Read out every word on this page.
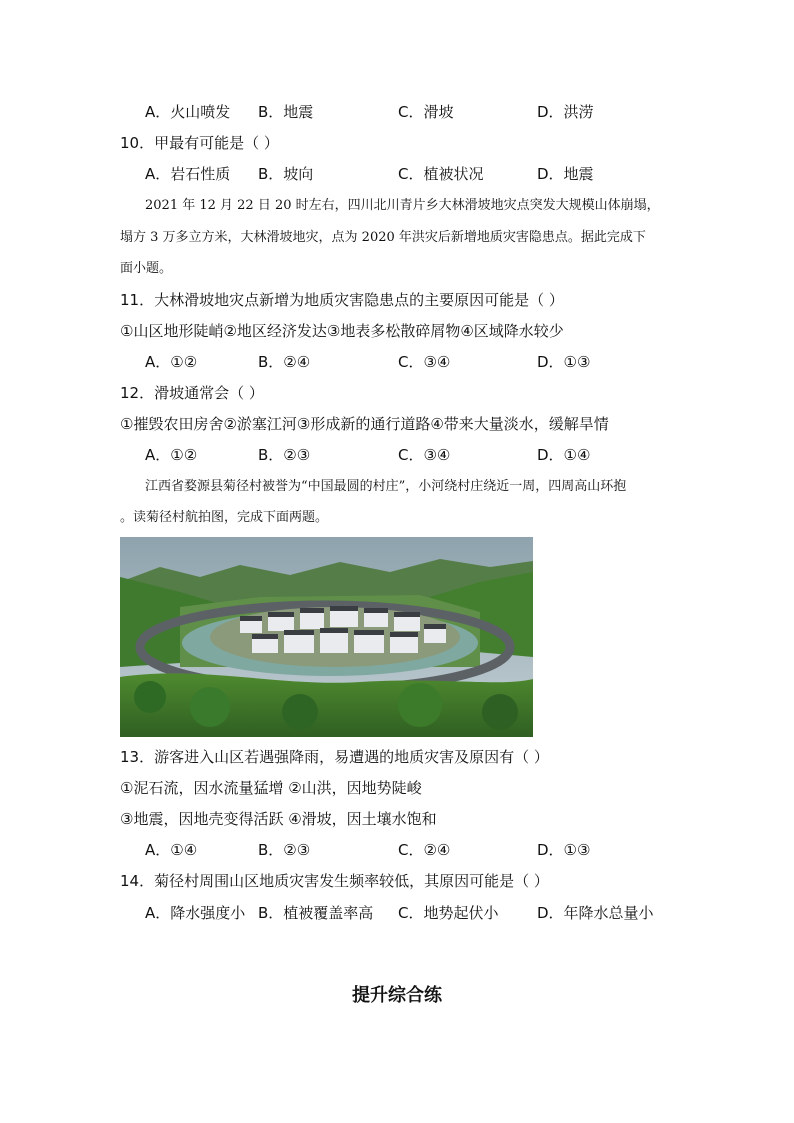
A．火山喷发 B．地震	C．滑坡	D．洪涝
10．甲最有可能是（ ）
A．岩石性质 B．坡向	C．植被状况	D．地震
2021 年 12 月 22 日 20 时左右，四川北川青片乡大林滑坡地灾点突发大规模山体崩塌，
塌方 3 万多立方米，大林滑坡地灾，点为 2020 年洪灾后新增地质灾害隐患点。据此完成下
面小题。
11．大林滑坡地灾点新增为地质灾害隐患点的主要原因可能是（ ）
①山区地形陡峭②地区经济发达③地表多松散碎屑物④区域降水较少
A．①②	B．②④	C．③④	D．①③
12．滑坡通常会（ ）
①摧毁农田房舍②淤塞江河③形成新的通行道路④带来大量淡水，缓解旱情
A．①②	B．②③	C．③④	D．①④
江西省婺源县菊径村被誉为“中国最圆的村庄”，小河绕村庄绕近一周，四周高山环抱
。读菊径村航拍图，完成下面两题。
13．游客进入山区若遇强降雨，易遭遇的地质灾害及原因有（ ）
①泥石流，因水流量猛增 ②山洪，因地势陡峻
③地震，因地壳变得活跃 ④滑坡，因土壤水饱和
A．①④	B．②③	C．②④	D．①③
14．菊径村周围山区地质灾害发生频率较低，其原因可能是（ ）
A．降水强度小 B．植被覆盖率高 C．地势起伏小	D．年降水总量小
提升综合练
